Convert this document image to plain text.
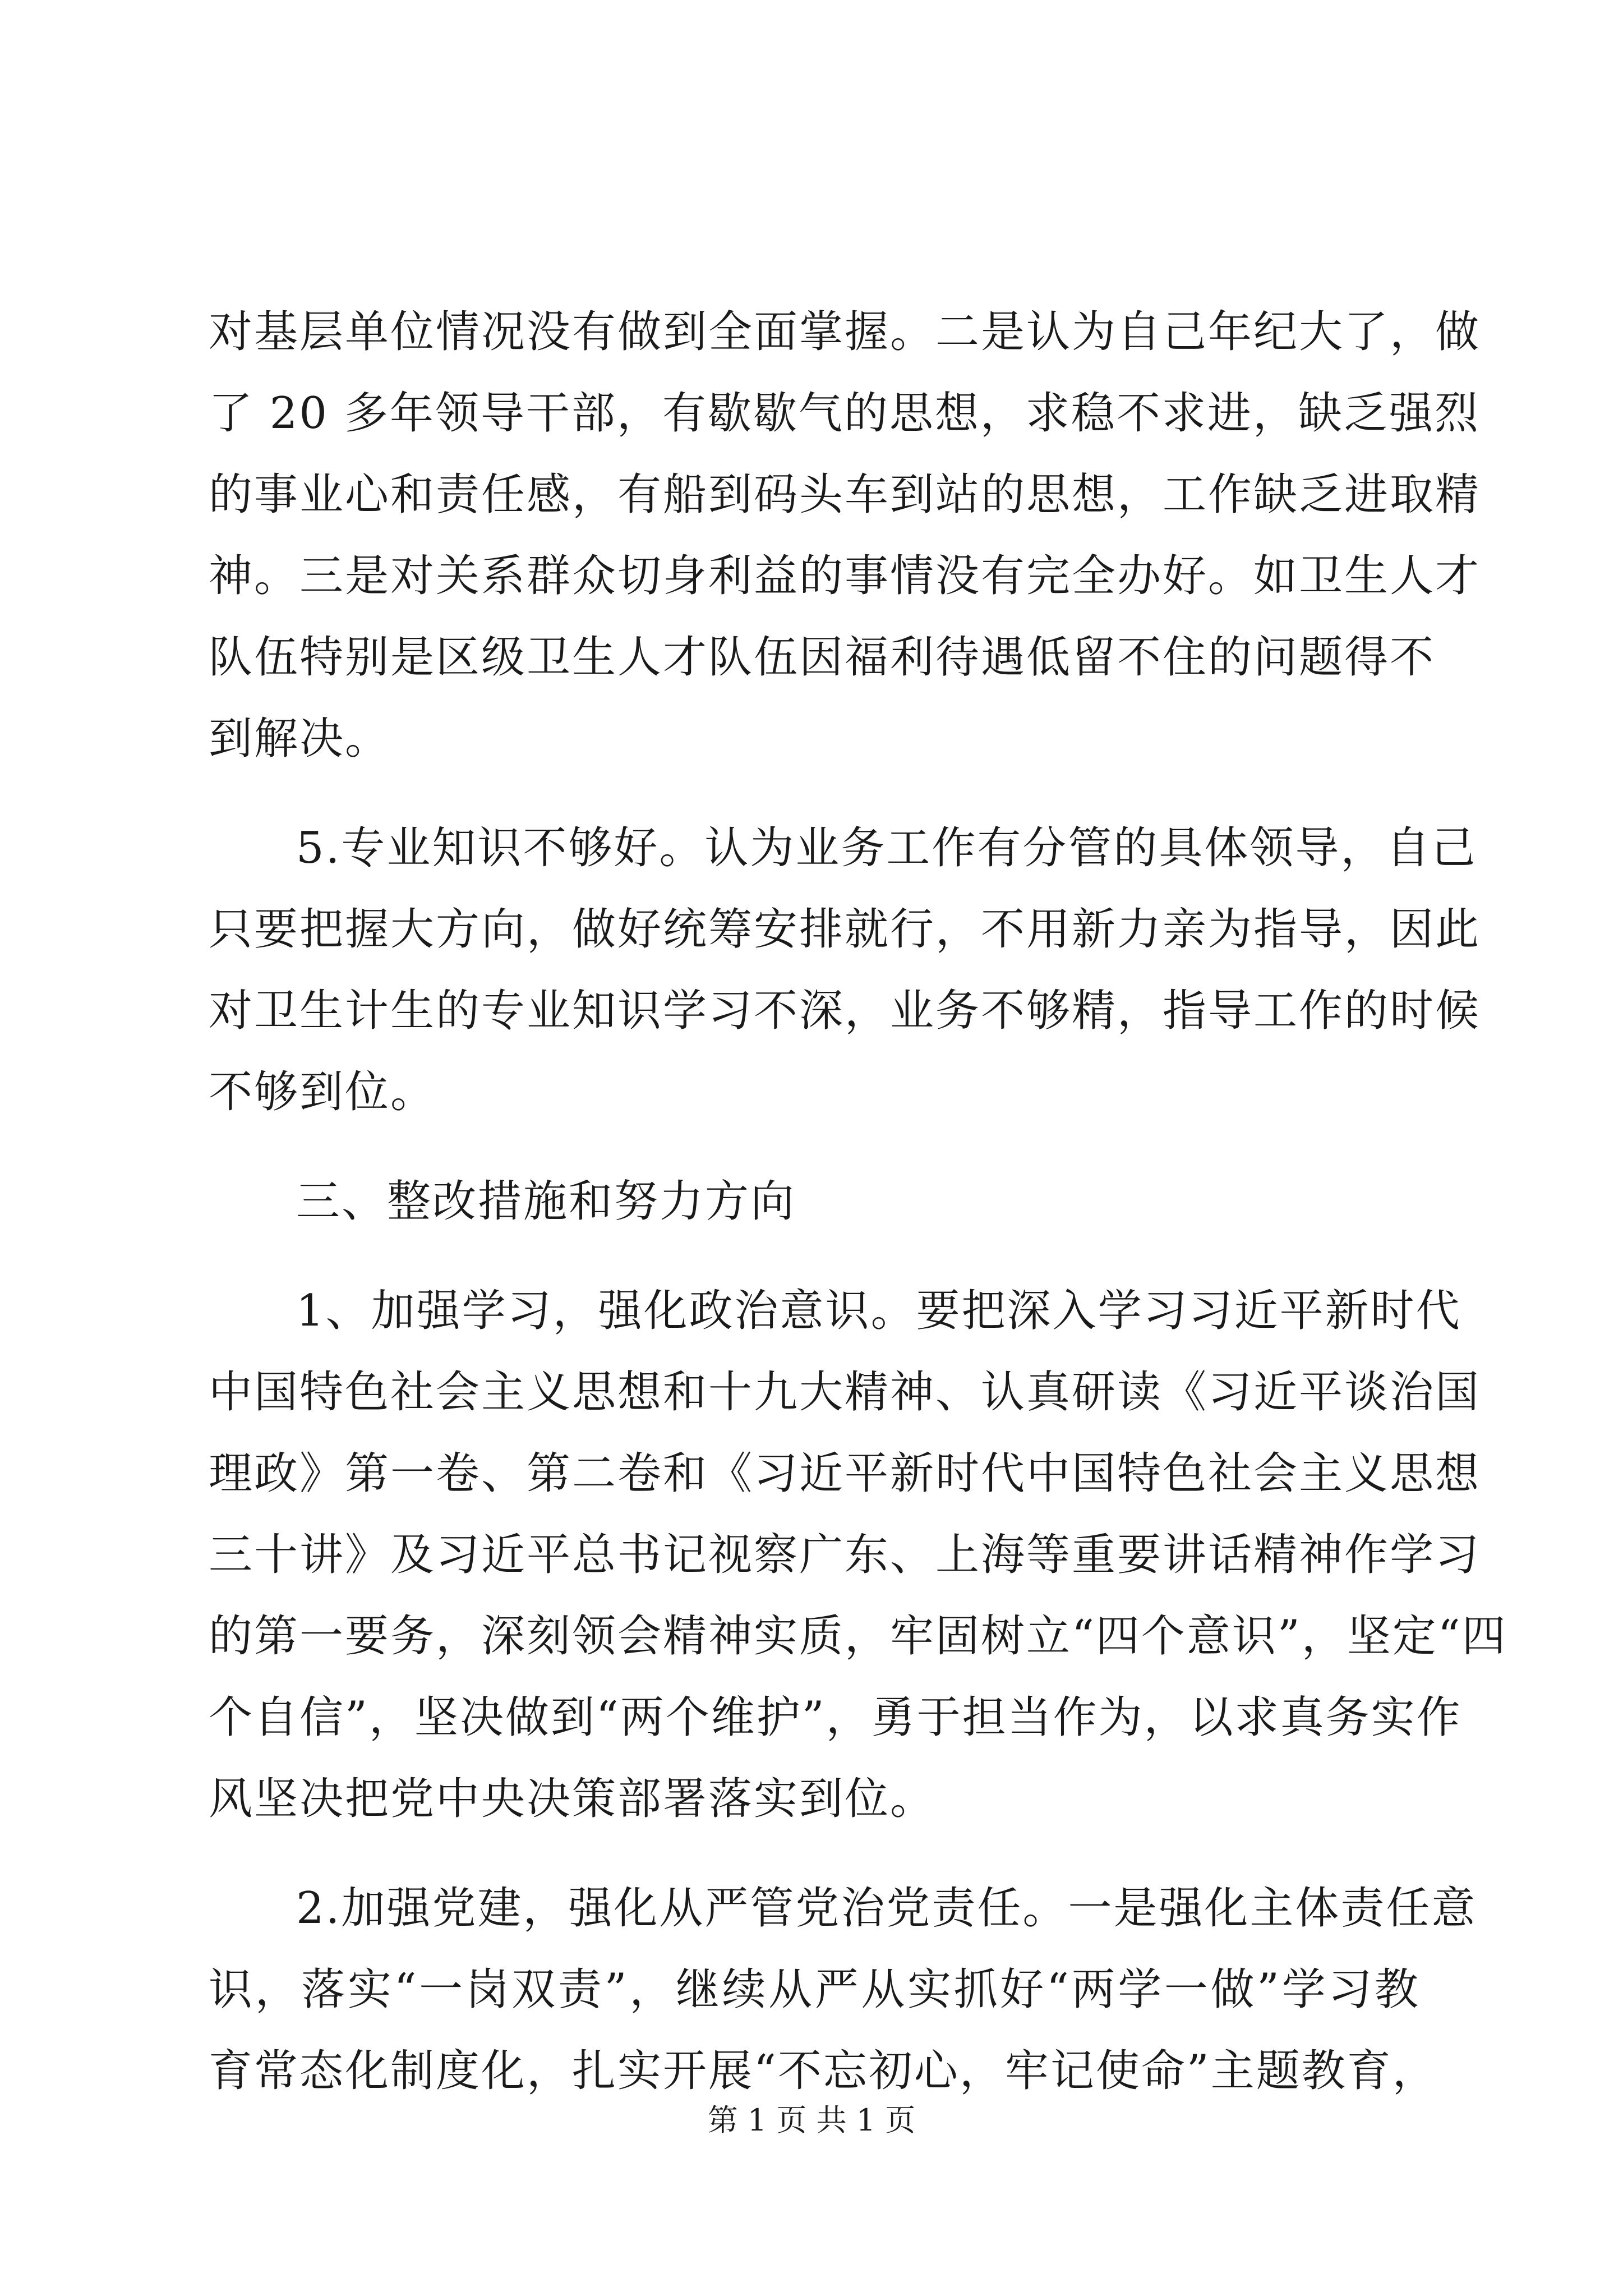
对基层单位情况没有做到全面掌握。二是认为自己年纪大了，做
了 20 多年领导干部，有歇歇气的思想，求稳不求进，缺乏强烈
的事业心和责任感，有船到码头车到站的思想，工作缺乏进取精
神。三是对关系群众切身利益的事情没有完全办好。如卫生人才
队伍特别是区级卫生人才队伍因福利待遇低留不住的问题得不
到解决。
5.专业知识不够好。认为业务工作有分管的具体领导，自己
只要把握大方向，做好统筹安排就行，不用新力亲为指导，因此
对卫生计生的专业知识学习不深，业务不够精，指导工作的时候
不够到位。
三、整改措施和努力方向
1、加强学习，强化政治意识。要把深入学习习近平新时代
中国特色社会主义思想和十九大精神、认真研读《习近平谈治国
理政》第一卷、第二卷和《习近平新时代中国特色社会主义思想
三十讲》及习近平总书记视察广东、上海等重要讲话精神作学习
的第一要务，深刻领会精神实质，牢固树立“四个意识”，坚定“四
个自信”，坚决做到“两个维护”，勇于担当作为，以求真务实作
风坚决把党中央决策部署落实到位。
2.加强党建，强化从严管党治党责任。一是强化主体责任意
识，落实“一岗双责”，继续从严从实抓好“两学一做”学习教
育常态化制度化，扎实开展“不忘初心，牢记使命”主题教育，
第 1 页 共 1 页
